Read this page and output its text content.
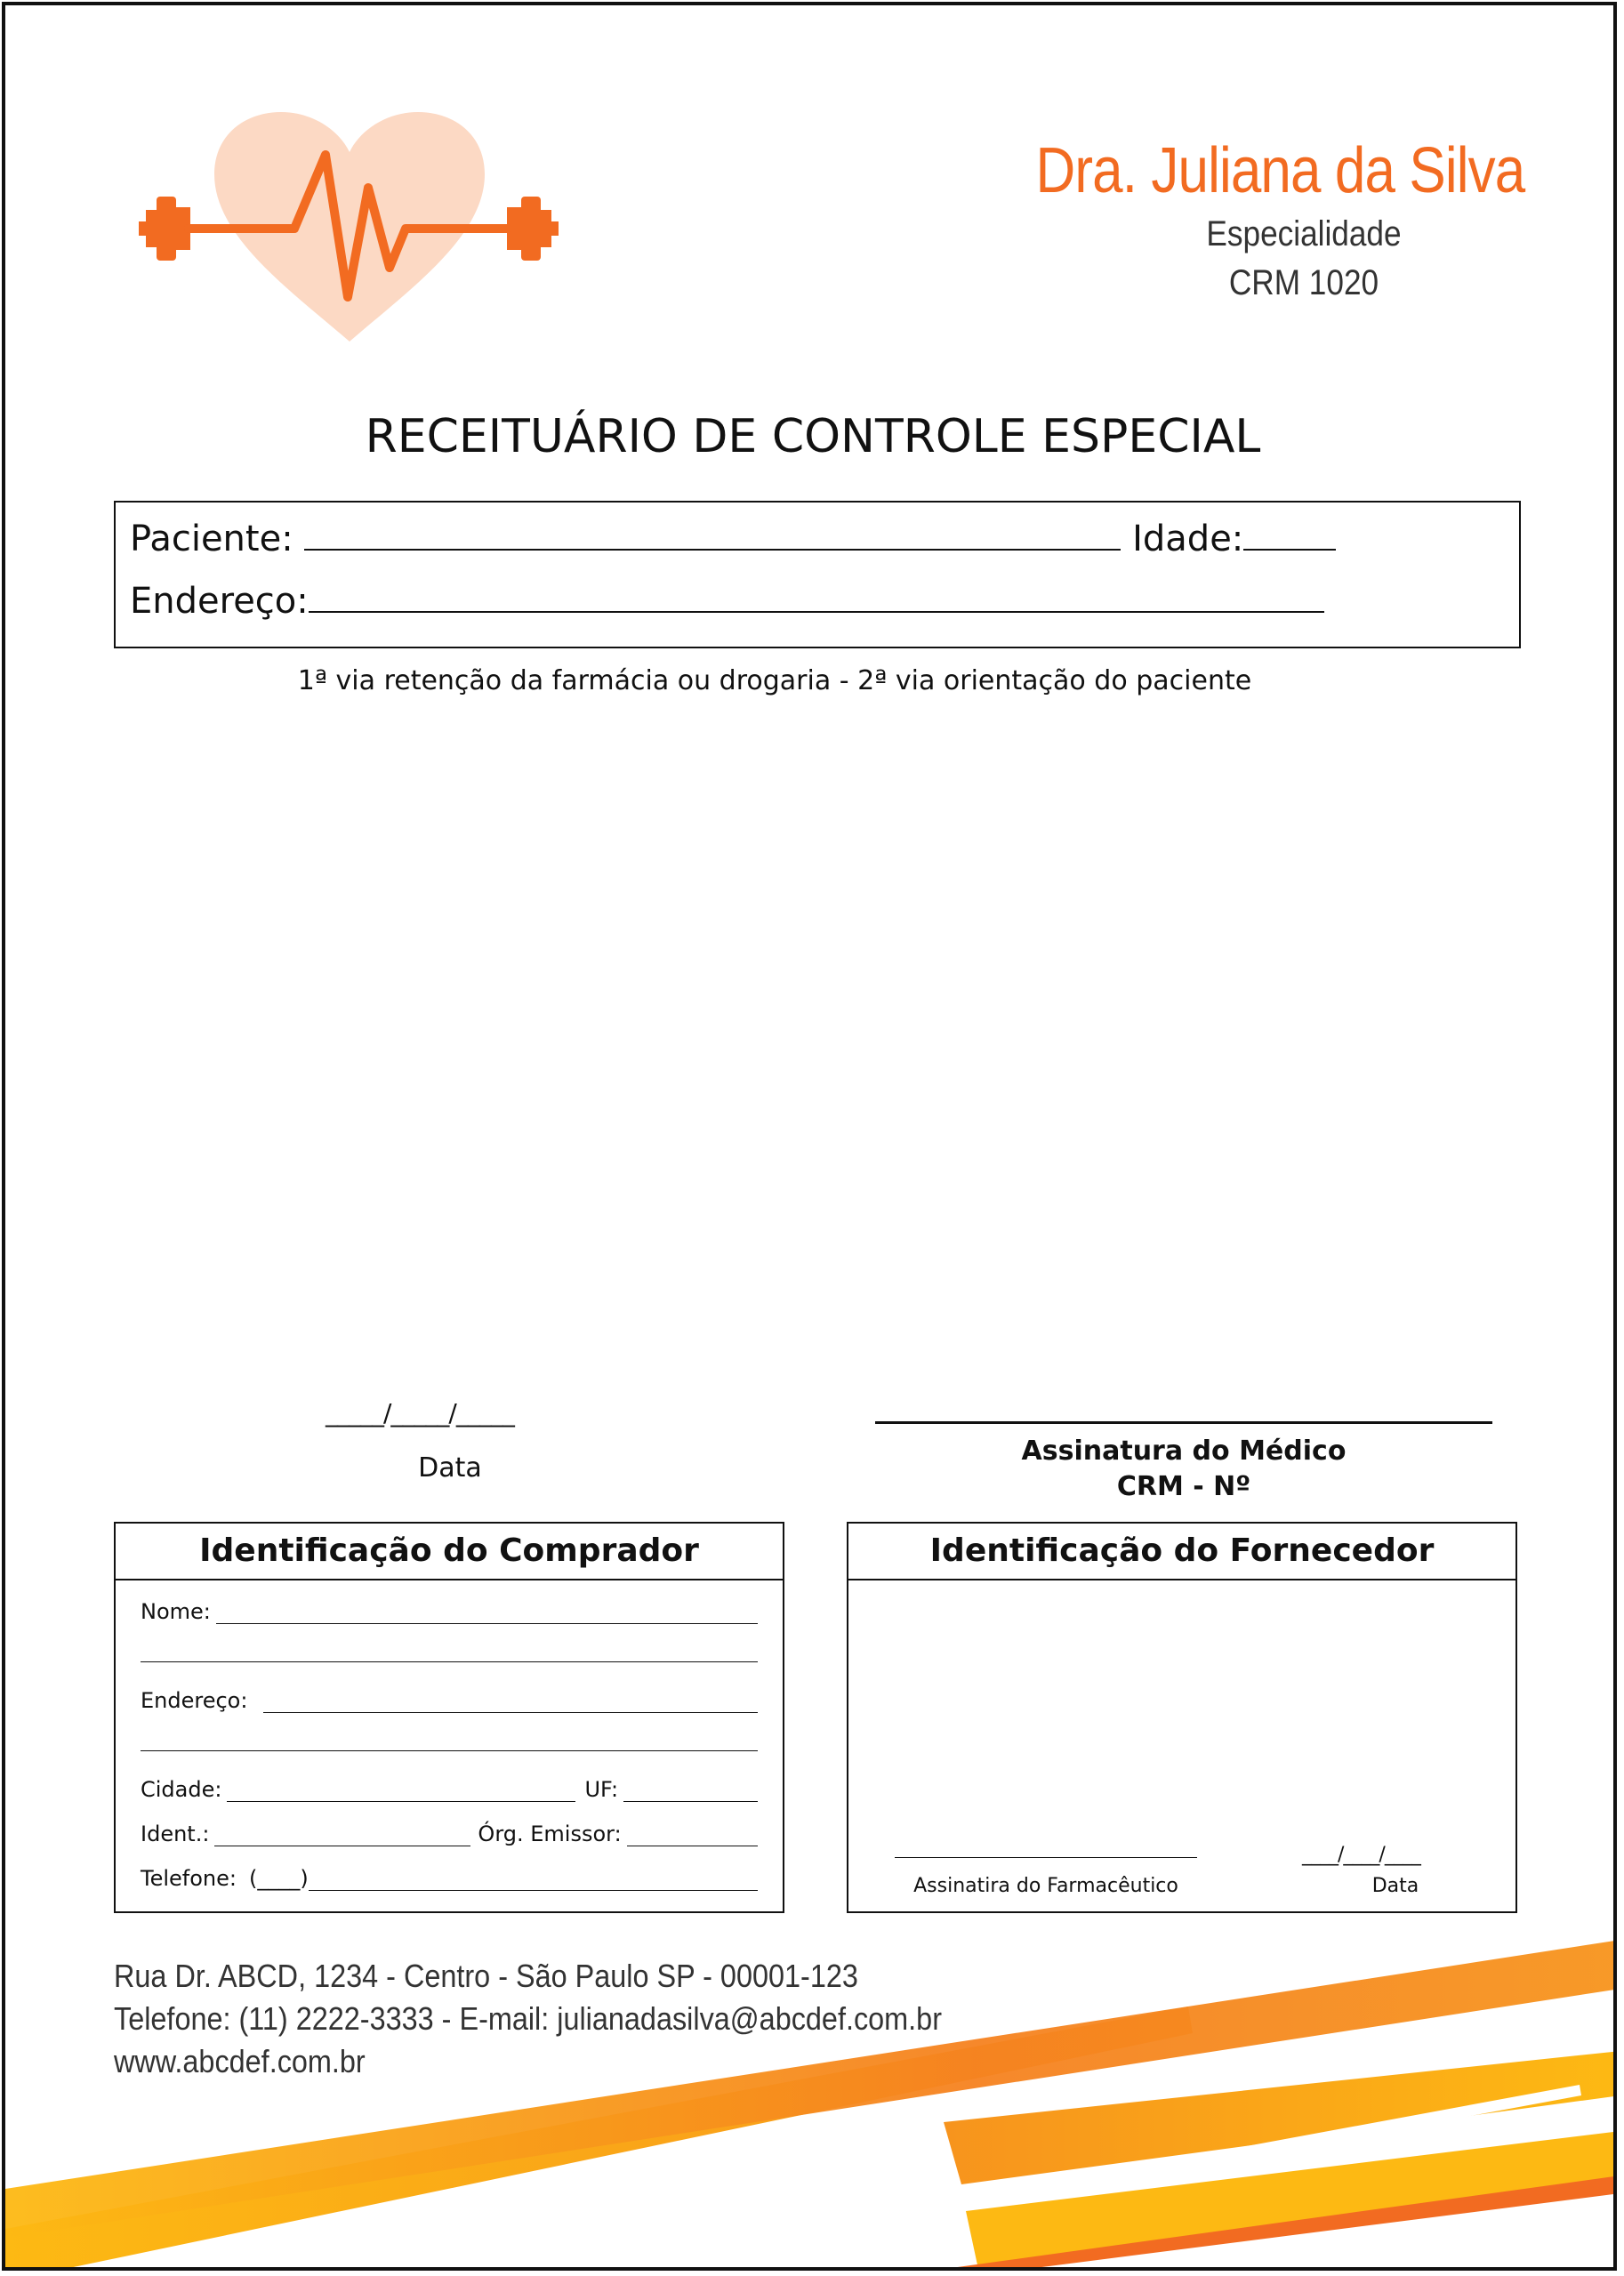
Dra. Juliana da Silva
Especialidade
CRM 1020
RECEITUÁRIO DE CONTROLE ESPECIAL
Paciente:	Idade:
Endereço:
1ª via retenção da farmácia ou drogaria - 2ª via orientação do paciente
_____/_____/_____
Data
Assinatura do Médico
CRM - Nº
Identificação do Comprador
Nome:
Endereço:
Cidade:	UF:
Ident.:	Órg. Emissor:
Telefone: (____)
Identificação do Fornecedor
Assinatira do Farmacêutico
____/____/____
Data
Rua Dr. ABCD, 1234 - Centro - São Paulo SP - 00001-123
Telefone: (11) 2222-3333 - E-mail: julianadasilva@abcdef.com.br
www.abcdef.com.br
